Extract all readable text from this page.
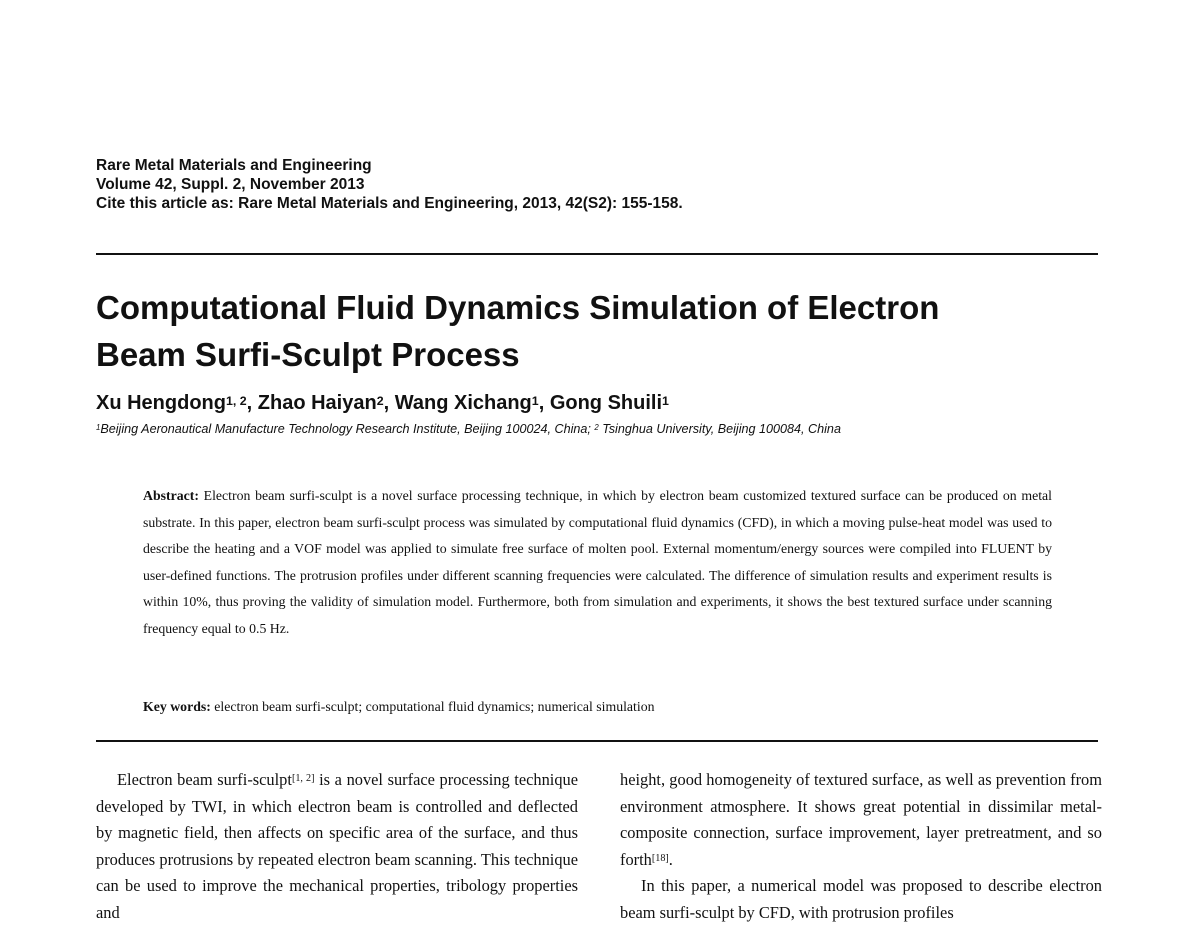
Rare Metal Materials and Engineering
Volume 42, Suppl. 2, November 2013
Cite this article as: Rare Metal Materials and Engineering, 2013, 42(S2): 155-158.
Computational Fluid Dynamics Simulation of Electron
Beam Surfi-Sculpt Process
Xu Hengdong$^{1, 2}$, Zhao Haiyan$^2$, Wang Xichang$^1$, Gong Shuili$^1$
$^1$Beijing Aeronautical Manufacture Technology Research Institute, Beijing 100024, China; $^2$ Tsinghua University, Beijing 100084, China

Abstract: Electron beam surfi-sculpt is a novel surface processing technique, in which by electron beam customized textured surface can be produced on metal substrate. In this paper, electron beam surfi-sculpt process was simulated by computational fluid dynamics (CFD), in which a moving pulse-heat model was used to describe the heating and a VOF model was applied to simulate free surface of molten pool. External momentum/energy sources were compiled into FLUENT by user-defined functions. The protrusion profiles under different scanning frequencies were calculated. The difference of simulation results and experiment results is within 10%, thus proving the validity of simulation model. Furthermore, both from simulation and experiments, it shows the best textured surface under scanning frequency equal to 0.5 Hz.

Key words: electron beam surfi-sculpt; computational fluid dynamics; numerical simulation

Electron beam surfi-sculpt[1, 2] is a novel surface processing technique developed by TWI, in which electron beam is controlled and deflected by magnetic field, then affects on specific area of the surface, and thus produces protrusions by repeated electron beam scanning. This technique can be used to improve the mechanical properties, tribology properties and

height, good homogeneity of textured surface, as well as prevention from environment atmosphere. It shows great potential in dissimilar metal-composite connection, surface improvement, layer pretreatment, and so forth[18].

In this paper, a numerical model was proposed to describe electron beam surfi-sculpt by CFD, with protrusion profiles
